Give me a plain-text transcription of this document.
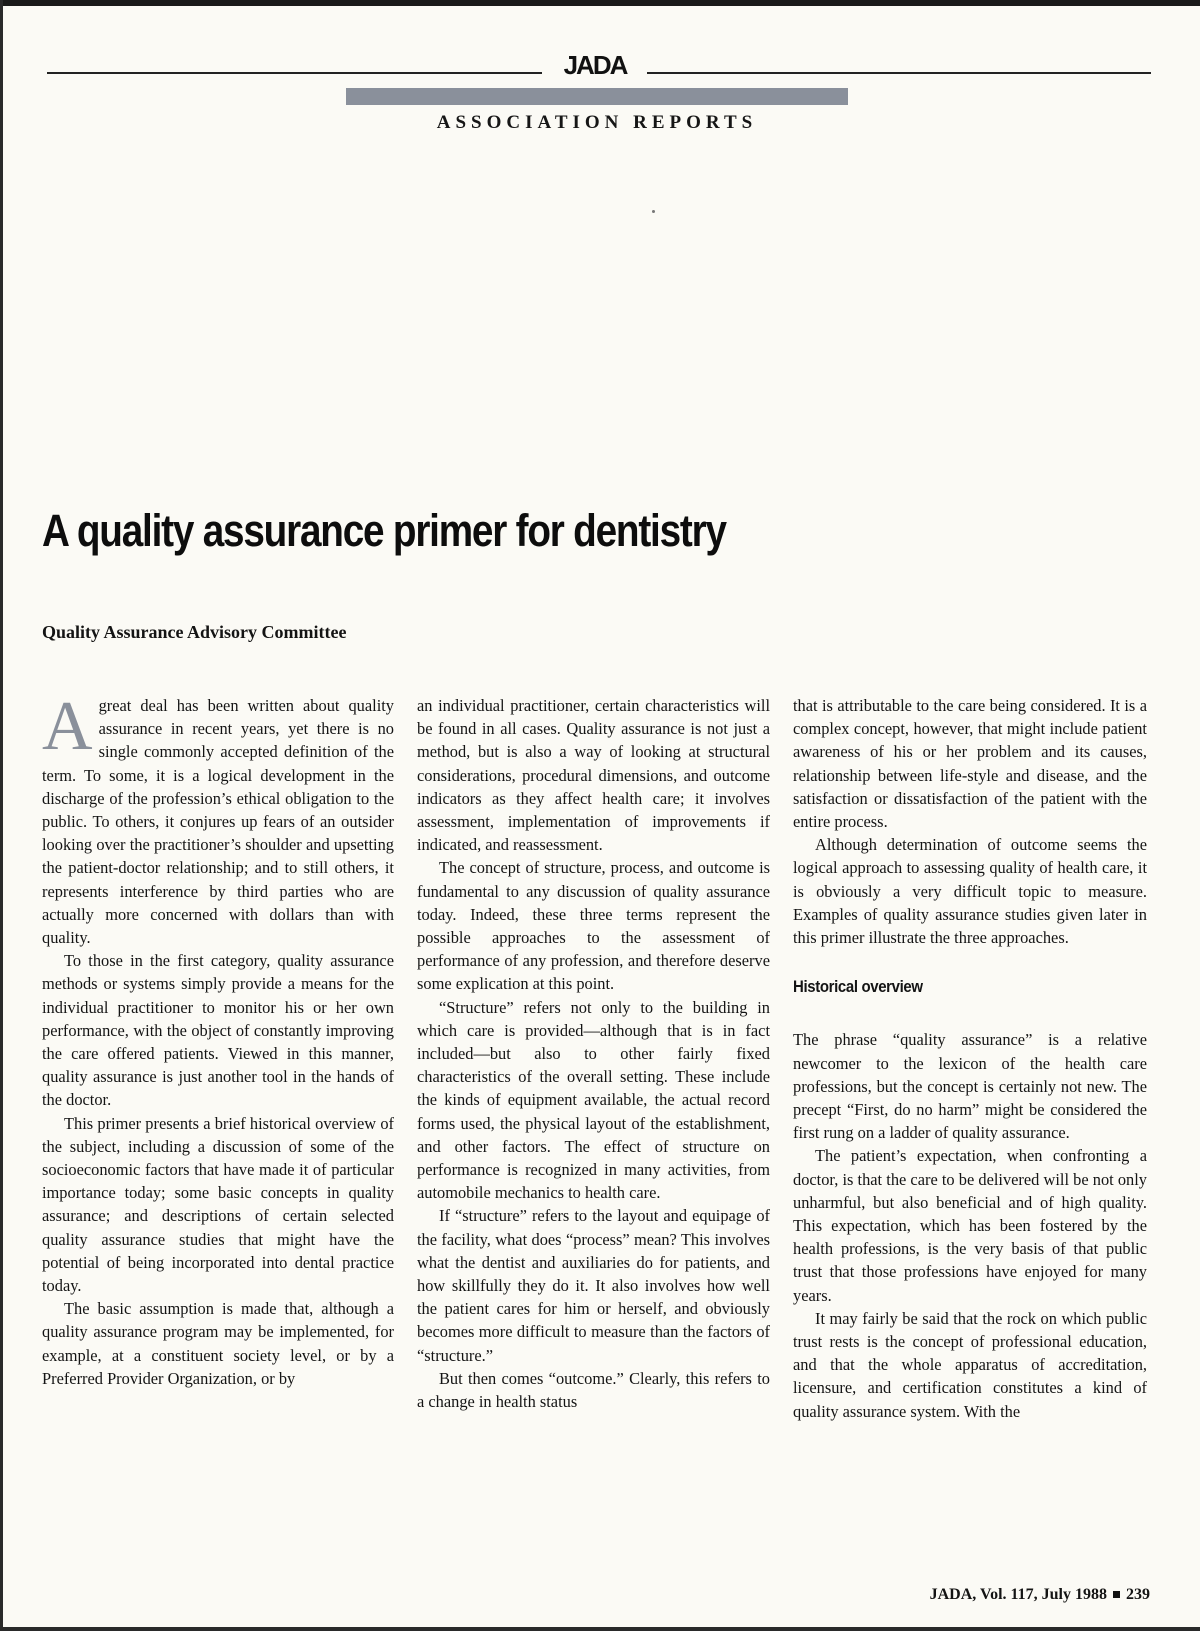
JADA
ASSOCIATION REPORTS
A quality assurance primer for dentistry
Quality Assurance Advisory Committee

Agreat deal has been written about quality assurance in recent years, yet there is no single commonly accepted definition of the term. To some, it is a logical development in the discharge of the profession’s ethical obligation to the public. To others, it conjures up fears of an outsider looking over the practitioner’s shoulder and upsetting the patient-doctor relationship; and to still others, it represents interference by third parties who are actually more concerned with dollars than with quality.

To those in the first category, quality assurance methods or systems simply provide a means for the individual practitioner to monitor his or her own performance, with the object of constantly improving the care offered patients. Viewed in this manner, quality assurance is just another tool in the hands of the doctor.

This primer presents a brief historical overview of the subject, including a discussion of some of the socioeconomic factors that have made it of particular importance today; some basic concepts in quality assurance; and descriptions of certain selected quality assurance studies that might have the potential of being incorporated into dental practice today.

The basic assumption is made that, although a quality assurance program may be implemented, for example, at a constituent society level, or by a Preferred Provider Organization, or by

an individual practitioner, certain characteristics will be found in all cases. Quality assurance is not just a method, but is also a way of looking at structural considerations, procedural dimensions, and outcome indicators as they affect health care; it involves assessment, implementation of improvements if indicated, and reassessment.

The concept of structure, process, and outcome is fundamental to any discussion of quality assurance today. Indeed, these three terms represent the possible approaches to the assessment of performance of any profession, and therefore deserve some explication at this point.

“Structure” refers not only to the building in which care is provided—although that is in fact included—but also to other fairly fixed characteristics of the overall setting. These include the kinds of equipment available, the actual record forms used, the physical layout of the establishment, and other factors. The effect of structure on performance is recognized in many activities, from automobile mechanics to health care.

If “structure” refers to the layout and equipage of the facility, what does “process” mean? This involves what the dentist and auxiliaries do for patients, and how skillfully they do it. It also involves how well the patient cares for him or herself, and obviously becomes more difficult to measure than the factors of “structure.”

But then comes “outcome.” Clearly, this refers to a change in health status

that is attributable to the care being considered. It is a complex concept, however, that might include patient awareness of his or her problem and its causes, relationship between life-style and disease, and the satisfaction or dissatisfaction of the patient with the entire process.

Although determination of outcome seems the logical approach to assessing quality of health care, it is obviously a very difficult topic to measure. Examples of quality assurance studies given later in this primer illustrate the three approaches.

Historical overview

The phrase “quality assurance” is a relative newcomer to the lexicon of the health care professions, but the concept is certainly not new. The precept “First, do no harm” might be considered the first rung on a ladder of quality assurance.

The patient’s expectation, when confronting a doctor, is that the care to be delivered will be not only unharmful, but also beneficial and of high quality. This expectation, which has been fostered by the health professions, is the very basis of that public trust that those professions have enjoyed for many years.

It may fairly be said that the rock on which public trust rests is the concept of professional education, and that the whole apparatus of accreditation, licensure, and certification constitutes a kind of quality assurance system. With the

JADA, Vol. 117, July 1988 239
